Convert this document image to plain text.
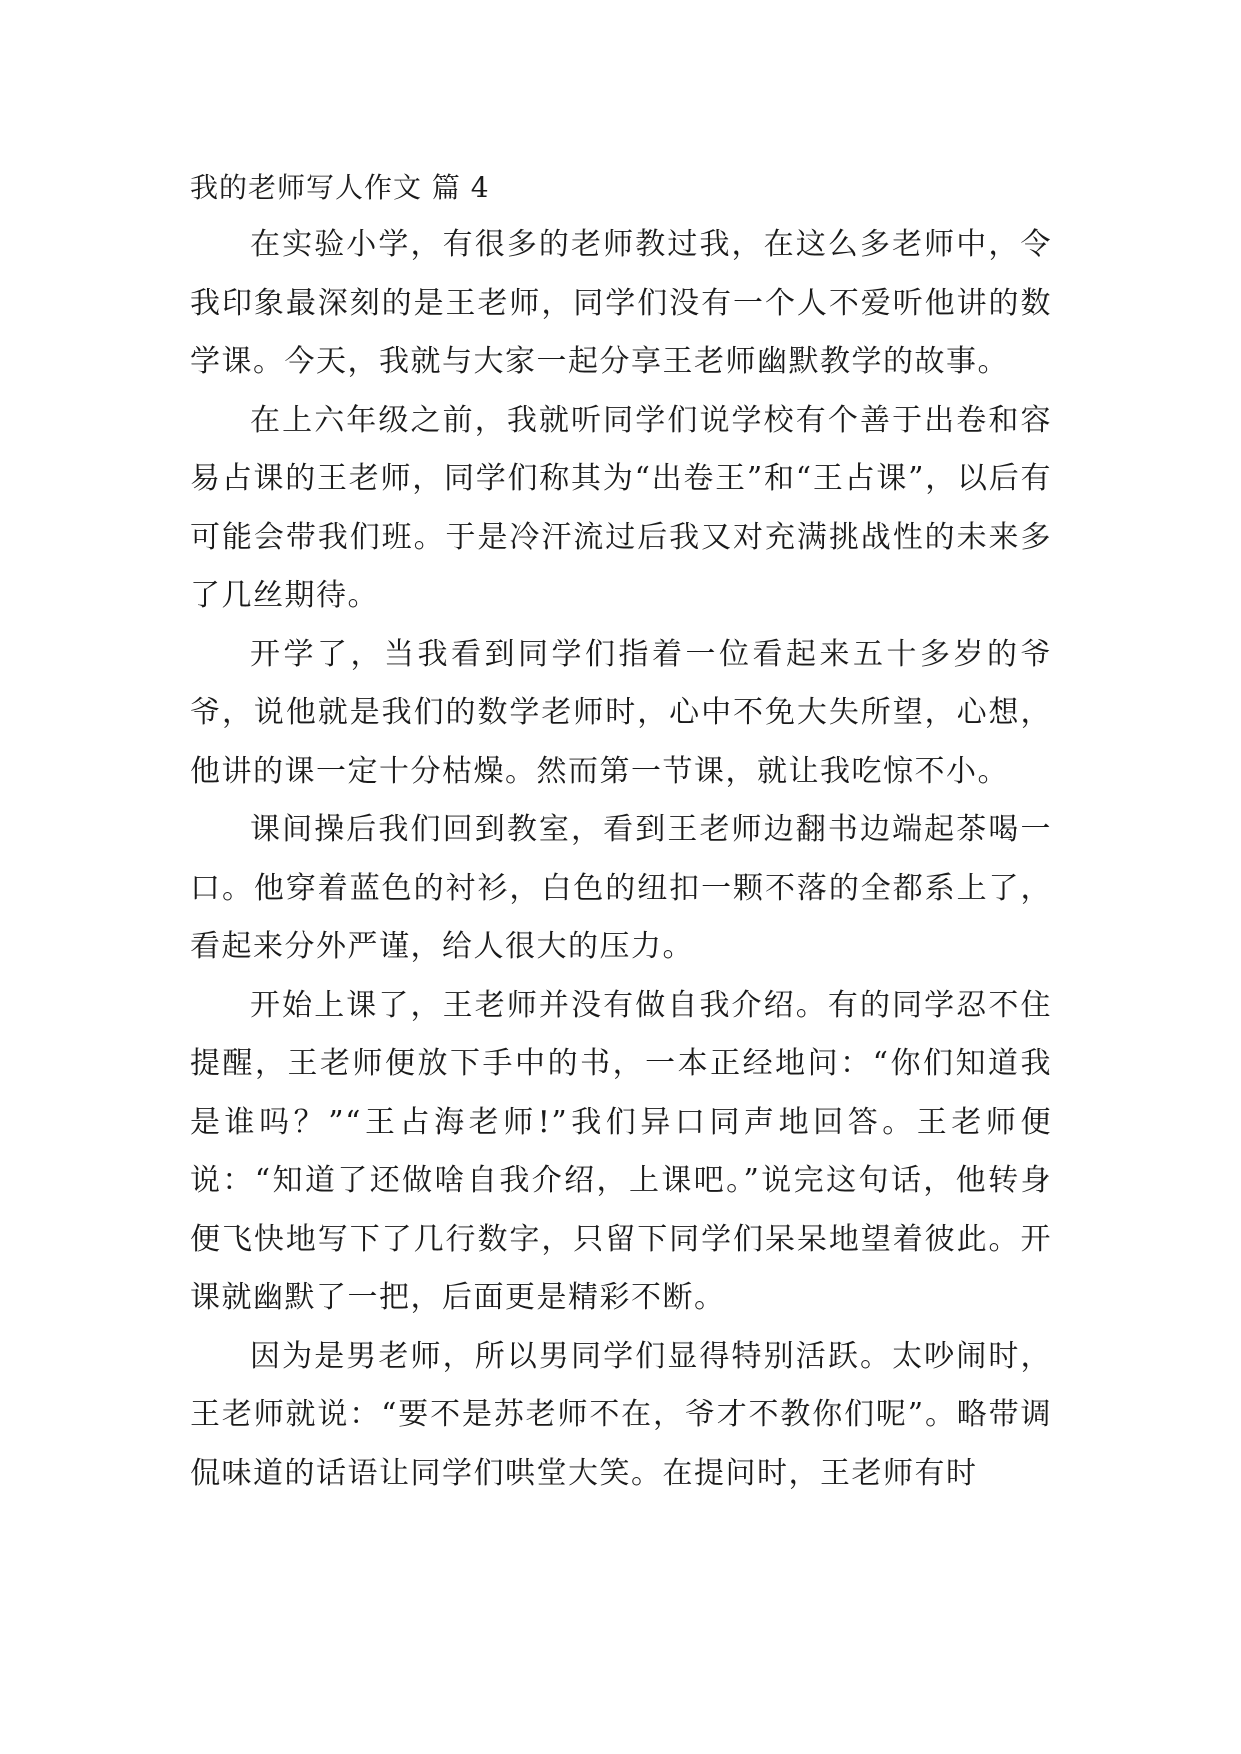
我的老师写人作文 篇 4

在实验小学，有很多的老师教过我，在这么多老师中，令我印象最深刻的是王老师，同学们没有一个人不爱听他讲的数学课。今天，我就与大家一起分享王老师幽默教学的故事。

在上六年级之前，我就听同学们说学校有个善于出卷和容易占课的王老师，同学们称其为“出卷王”和“王占课”，以后有可能会带我们班。于是冷汗流过后我又对充满挑战性的未来多了几丝期待。

开学了，当我看到同学们指着一位看起来五十多岁的爷爷，说他就是我们的数学老师时，心中不免大失所望，心想，他讲的课一定十分枯燥。然而第一节课，就让我吃惊不小。

课间操后我们回到教室，看到王老师边翻书边端起茶喝一口。他穿着蓝色的衬衫，白色的纽扣一颗不落的全都系上了，看起来分外严谨，给人很大的压力。

开始上课了，王老师并没有做自我介绍。有的同学忍不住提醒，王老师便放下手中的书，一本正经地问：“你们知道我是谁吗？”“王占海老师!”我们异口同声地回答。王老师便说：“知道了还做啥自我介绍，上课吧。”说完这句话，他转身便飞快地写下了几行数字，只留下同学们呆呆地望着彼此。开课就幽默了一把，后面更是精彩不断。

因为是男老师，所以男同学们显得特别活跃。太吵闹时，王老师就说：“要不是苏老师不在，爷才不教你们呢”。略带调侃味道的话语让同学们哄堂大笑。在提问时，王老师有时
